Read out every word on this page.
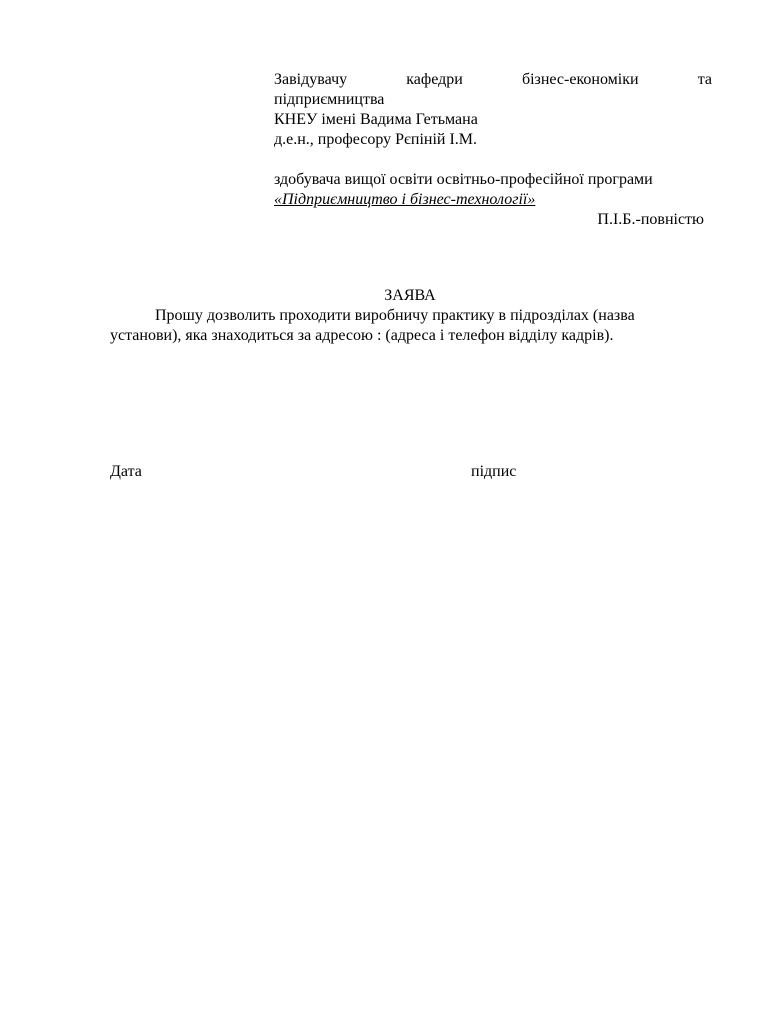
Завідувачу	кафедри	бізнес-економіки	та
підприємництва
КНЕУ імені Вадима Гетьмана
д.е.н., професору Рєпіній І.М.
здобувача вищої освіти освітньо-професійної програми
«Підприємництво і бізнес-технології»
П.І.Б.-повністю
ЗАЯВА
Прошу дозволить проходити виробничу практику в підрозділах (назва
установи), яка знаходиться за адресою : (адреса і телефон відділу кадрів).
Дата	підпис
